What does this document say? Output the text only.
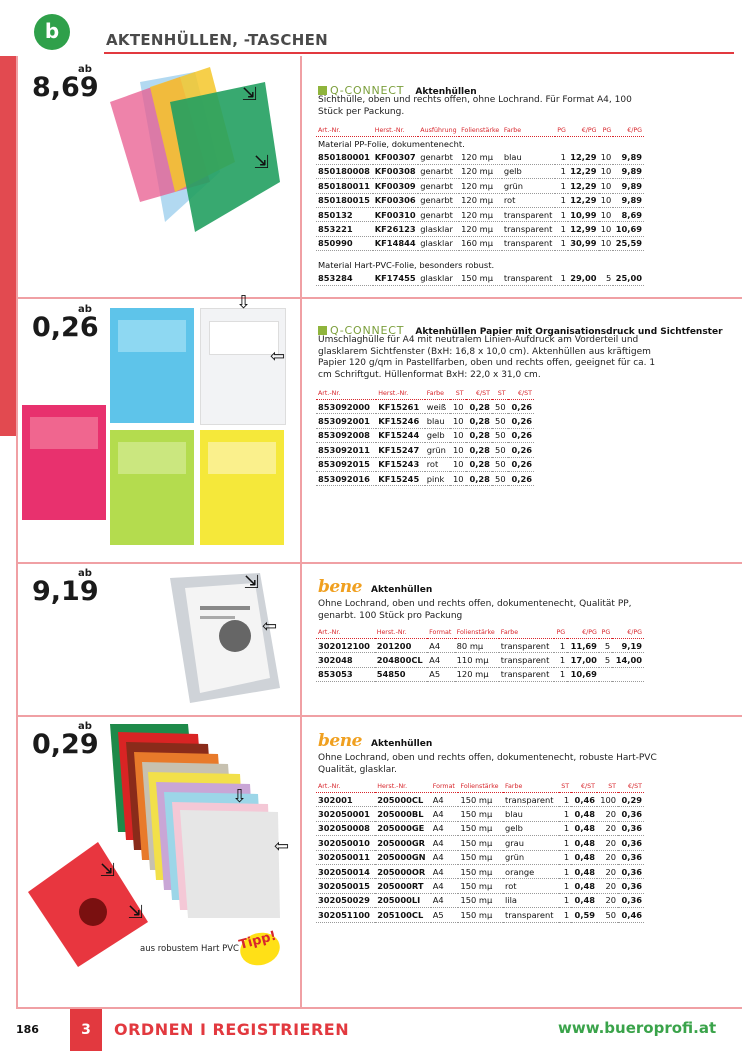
b	AKTENHÜLLEN, -TASCHEN
ab
8,69	⇲
⇲
Q-CONNECT Aktenhüllen
Sichthülle, oben und rechts offen, ohne Lochrand. Für Format A4, 100 Stück per Packung.
Art.-Nr.	Herst.-Nr.	Ausführung	Folienstärke	Farbe	PG	€/PG	PG	€/PG
Material PP-Folie, dokumentenecht.								
850180001	KF00307	genarbt	120 mµ	blau	1	12,29	10	9,89
850180008	KF00308	genarbt	120 mµ	gelb	1	12,29	10	9,89
850180011	KF00309	genarbt	120 mµ	grün	1	12,29	10	9,89
850180015	KF00306	genarbt	120 mµ	rot	1	12,29	10	9,89
850132	KF00310	genarbt	120 mµ	transparent	1	10,99	10	8,69
853221	KF26123	glasklar	120 mµ	transparent	1	12,99	10	10,69
850990	KF14844	glasklar	160 mµ	transparent	1	30,99	10	25,59

Material Hart-PVC-Folie, besonders robust.								
853284	KF17455	glasklar	150 mµ	transparent	1	29,00	5	25,00
ab
0,26
⇩
⇦
Q-CONNECT Aktenhüllen Papier mit Organisationsdruck und Sichtfenster
Umschlaghülle für A4 mit neutralem Linien-Aufdruck am Vorderteil und glasklarem Sichtfenster (BxH: 16,8 x 10,0 cm). Aktenhüllen aus kräftigem Papier 120 g/qm in Pastellfarben, oben und rechts offen, geeignet für ca. 1 cm Schriftgut. Hüllenformat BxH: 22,0 x 31,0 cm.
Art.-Nr.	Herst.-Nr.	Farbe	ST	€/ST	ST	€/ST
853092000	KF15261	weiß	10	0,28	50	0,26
853092001	KF15246	blau	10	0,28	50	0,26
853092008	KF15244	gelb	10	0,28	50	0,26
853092011	KF15247	grün	10	0,28	50	0,26
853092015	KF15243	rot	10	0,28	50	0,26
853092016	KF15245	pink	10	0,28	50	0,26
ab
9,19	⇲
⇦
bene Aktenhüllen
Ohne Lochrand, oben und rechts offen, dokumentenecht, Qualität PP, genarbt. 100 Stück pro Packung
Art.-Nr.	Herst.-Nr.	Format	Folienstärke	Farbe	PG	€/PG	PG	€/PG
302012100	201200	A4	80 mµ	transparent	1	11,69	5	9,19
302048	204800CL	A4	110 mµ	transparent	1	17,00	5	14,00
853053	54850	A5	120 mµ	transparent	1	10,69		
ab
0,29
⇩
⇦
⇲
⇲
aus robustem Hart PVC
Tipp!
bene Aktenhüllen
Ohne Lochrand, oben und rechts offen, dokumentenecht, robuste Hart-PVC Qualität, glasklar.
Art.-Nr.	Herst.-Nr.	Format	Folienstärke	Farbe	ST	€/ST	ST	€/ST
302001	205000CL	A4	150 mµ	transparent	1	0,46	100	0,29
302050001	205000BL	A4	150 mµ	blau	1	0,48	20	0,36
302050008	205000GE	A4	150 mµ	gelb	1	0,48	20	0,36
302050010	205000GR	A4	150 mµ	grau	1	0,48	20	0,36
302050011	205000GN	A4	150 mµ	grün	1	0,48	20	0,36
302050014	205000OR	A4	150 mµ	orange	1	0,48	20	0,36
302050015	205000RT	A4	150 mµ	rot	1	0,48	20	0,36
302050029	205000LI	A4	150 mµ	lila	1	0,48	20	0,36
302051100	205100CL	A5	150 mµ	transparent	1	0,59	50	0,46
186	3	ORDNEN I REGISTRIEREN	www.bueroprofi.at
